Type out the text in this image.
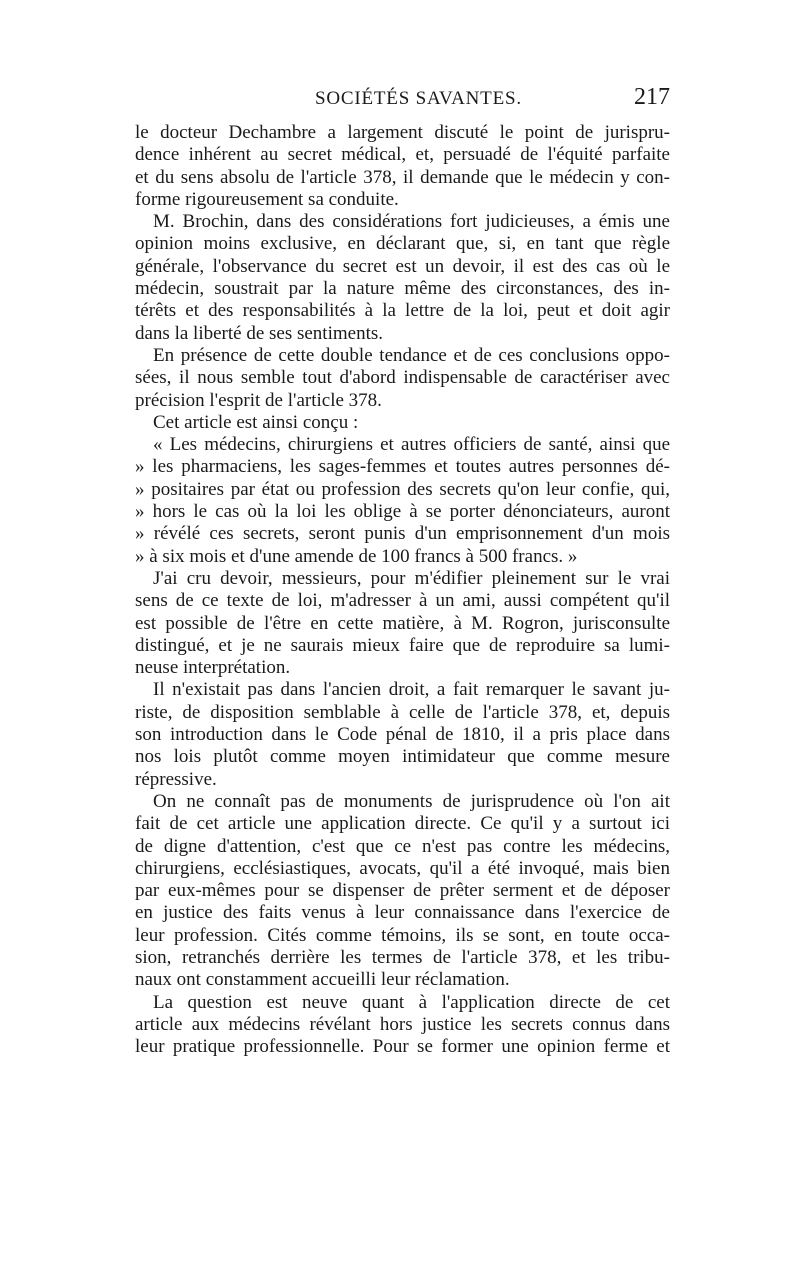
SOCIÉTÉS SAVANTES.	217
le docteur Dechambre a largement discuté le point de jurispru-
dence inhérent au secret médical, et, persuadé de l'équité parfaite
et du sens absolu de l'article 378, il demande que le médecin y con-
forme rigoureusement sa conduite.
M. Brochin, dans des considérations fort judicieuses, a émis une
opinion moins exclusive, en déclarant que, si, en tant que règle
générale, l'observance du secret est un devoir, il est des cas où le
médecin, soustrait par la nature même des circonstances, des in-
térêts et des responsabilités à la lettre de la loi, peut et doit agir
dans la liberté de ses sentiments.
En présence de cette double tendance et de ces conclusions oppo-
sées, il nous semble tout d'abord indispensable de caractériser avec
précision l'esprit de l'article 378.
Cet article est ainsi conçu :
« Les médecins, chirurgiens et autres officiers de santé, ainsi que
» les pharmaciens, les sages-femmes et toutes autres personnes dé-
» positaires par état ou profession des secrets qu'on leur confie, qui,
» hors le cas où la loi les oblige à se porter dénonciateurs, auront
» révélé ces secrets, seront punis d'un emprisonnement d'un mois
» à six mois et d'une amende de 100 francs à 500 francs. »
J'ai cru devoir, messieurs, pour m'édifier pleinement sur le vrai
sens de ce texte de loi, m'adresser à un ami, aussi compétent qu'il
est possible de l'être en cette matière, à M. Rogron, jurisconsulte
distingué, et je ne saurais mieux faire que de reproduire sa lumi-
neuse interprétation.
Il n'existait pas dans l'ancien droit, a fait remarquer le savant ju-
riste, de disposition semblable à celle de l'article 378, et, depuis
son introduction dans le Code pénal de 1810, il a pris place dans
nos lois plutôt comme moyen intimidateur que comme mesure
répressive.
On ne connaît pas de monuments de jurisprudence où l'on ait
fait de cet article une application directe. Ce qu'il y a surtout ici
de digne d'attention, c'est que ce n'est pas contre les médecins,
chirurgiens, ecclésiastiques, avocats, qu'il a été invoqué, mais bien
par eux-mêmes pour se dispenser de prêter serment et de déposer
en justice des faits venus à leur connaissance dans l'exercice de
leur profession. Cités comme témoins, ils se sont, en toute occa-
sion, retranchés derrière les termes de l'article 378, et les tribu-
naux ont constamment accueilli leur réclamation.
La question est neuve quant à l'application directe de cet
article aux médecins révélant hors justice les secrets connus dans
leur pratique professionnelle. Pour se former une opinion ferme et
